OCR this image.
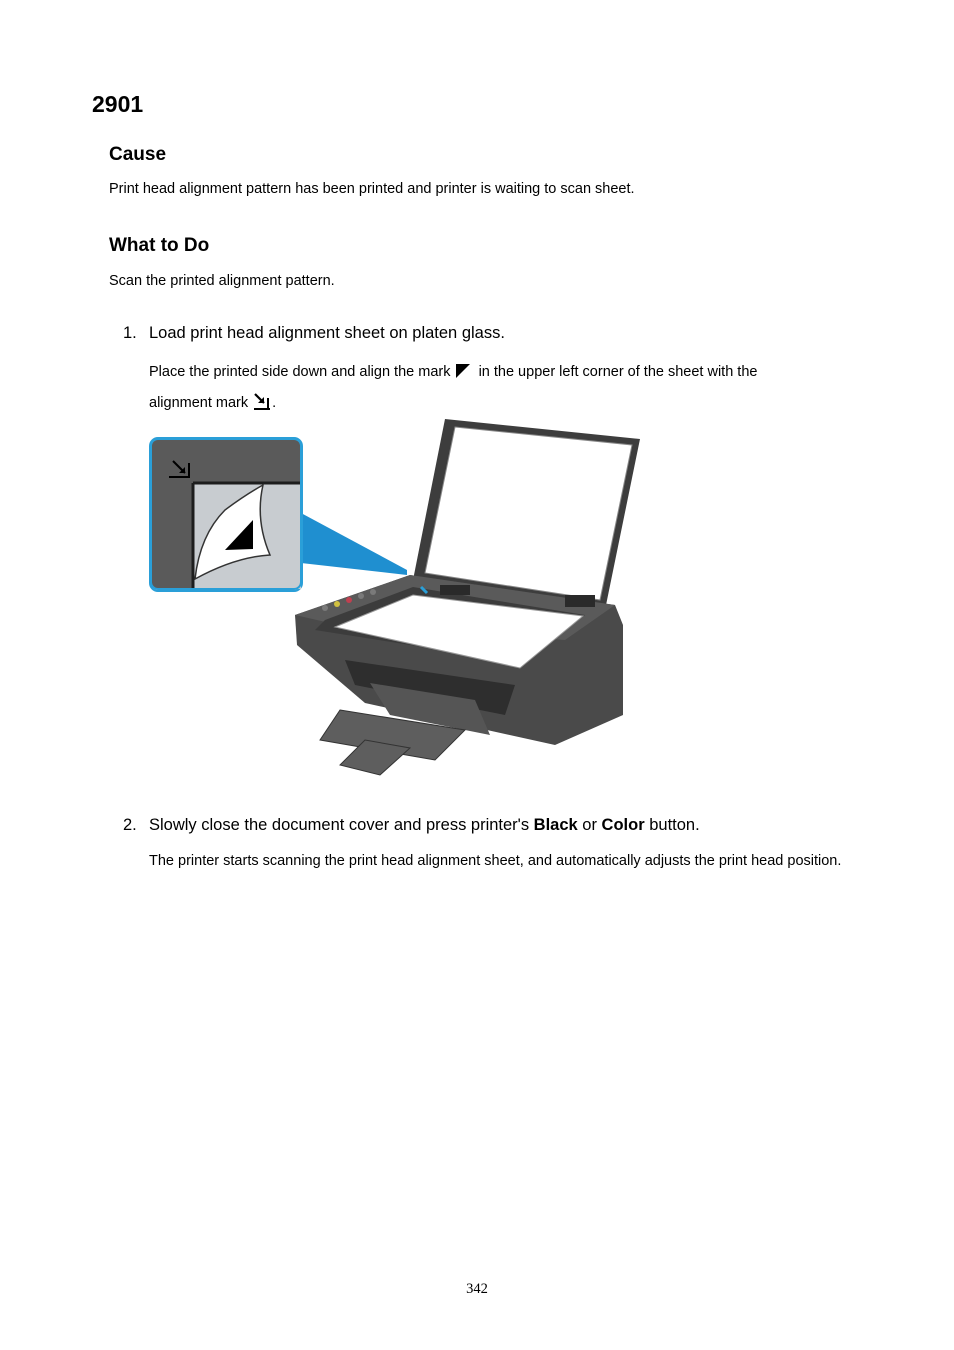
2901
Cause

Print head alignment pattern has been printed and printer is waiting to scan sheet.

What to Do

Scan the printed alignment pattern.

1. Load print head alignment sheet on platen glass.

Place the printed side down and align the mark in the upper left corner of the sheet with the
alignment mark .

2. Slowly close the document cover and press printer's Black or Color button.

The printer starts scanning the print head alignment sheet, and automatically adjusts the print head position.

342
